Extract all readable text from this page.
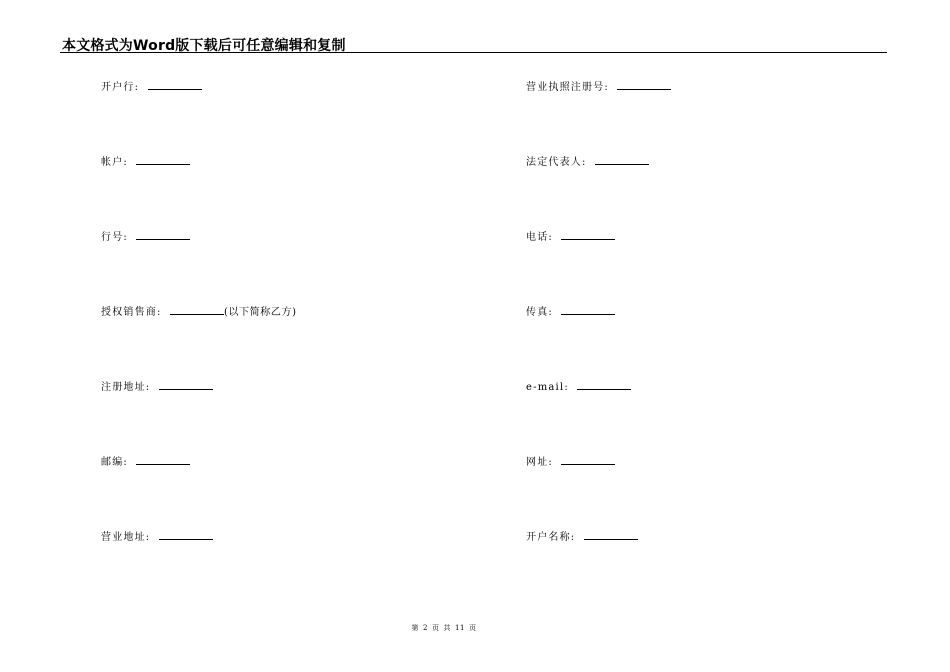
本文格式为Word版下载后可任意编辑和复制
开户行:
帐户:
行号:
授权销售商:	(以下简称乙方)
注册地址:
邮编:
营业地址:
营业执照注册号:
法定代表人:
电话:
传真:
e-mail:
网址:
开户名称:
第 2 页 共 11 页
